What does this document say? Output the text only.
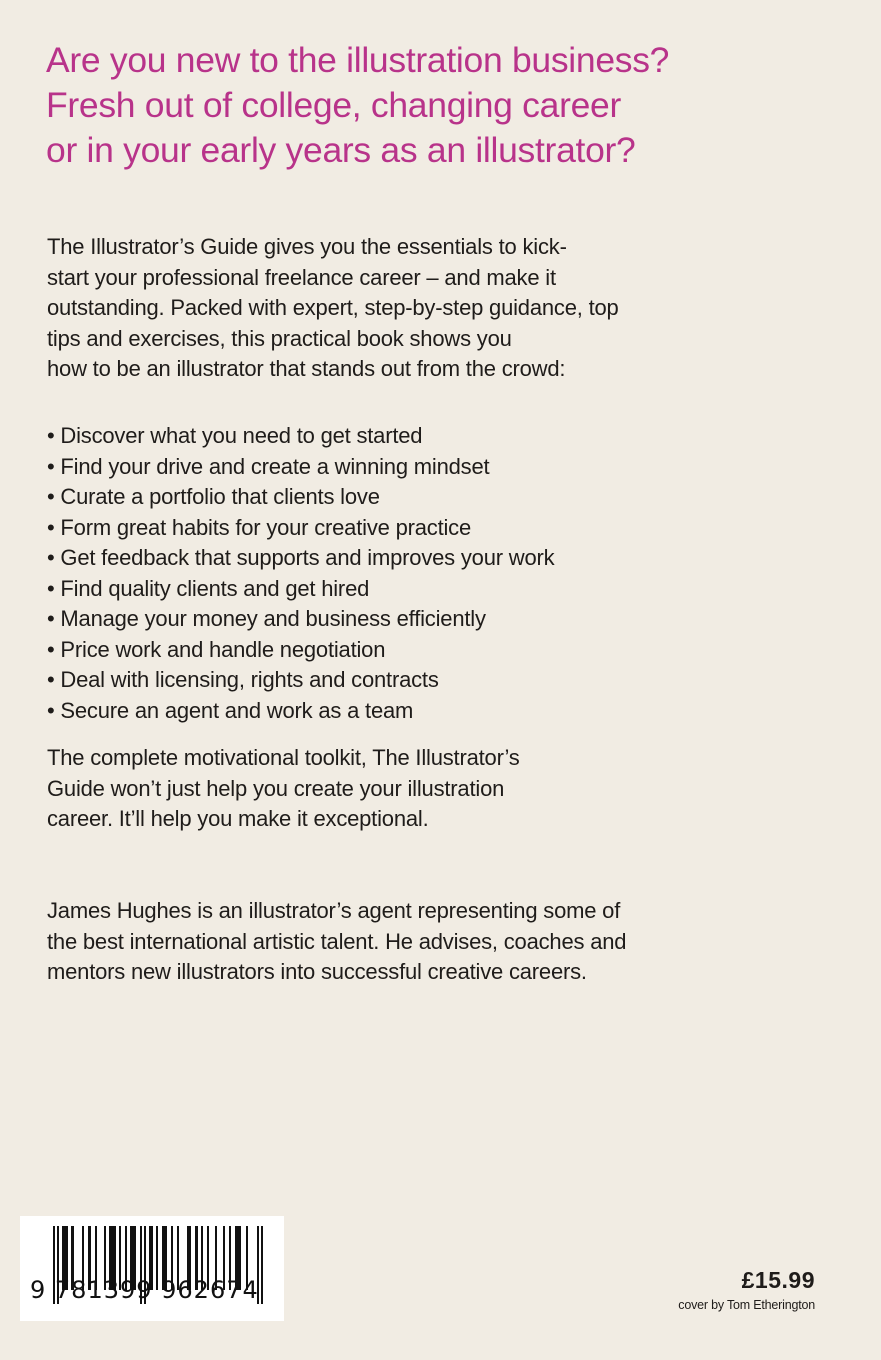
Are you new to the illustration business?
Fresh out of college, changing career
or in your early years as an illustrator?
The Illustrator’s Guide gives you the essentials to kick-
start your professional freelance career – and make it
outstanding. Packed with expert, step-by-step guidance, top
tips and exercises, this practical book shows you
how to be an illustrator that stands out from the crowd:
• Discover what you need to get started
• Find your drive and create a winning mindset
• Curate a portfolio that clients love
• Form great habits for your creative practice
• Get feedback that supports and improves your work
• Find quality clients and get hired
• Manage your money and business efficiently
• Price work and handle negotiation
• Deal with licensing, rights and contracts
• Secure an agent and work as a team
The complete motivational toolkit, The Illustrator’s
Guide won’t just help you create your illustration
career. It’ll help you make it exceptional.
James Hughes is an illustrator’s agent representing some of
the best international artistic talent. He advises, coaches and
mentors new illustrators into successful creative careers.
9 781399 962674	£15.99
cover by Tom Etherington
